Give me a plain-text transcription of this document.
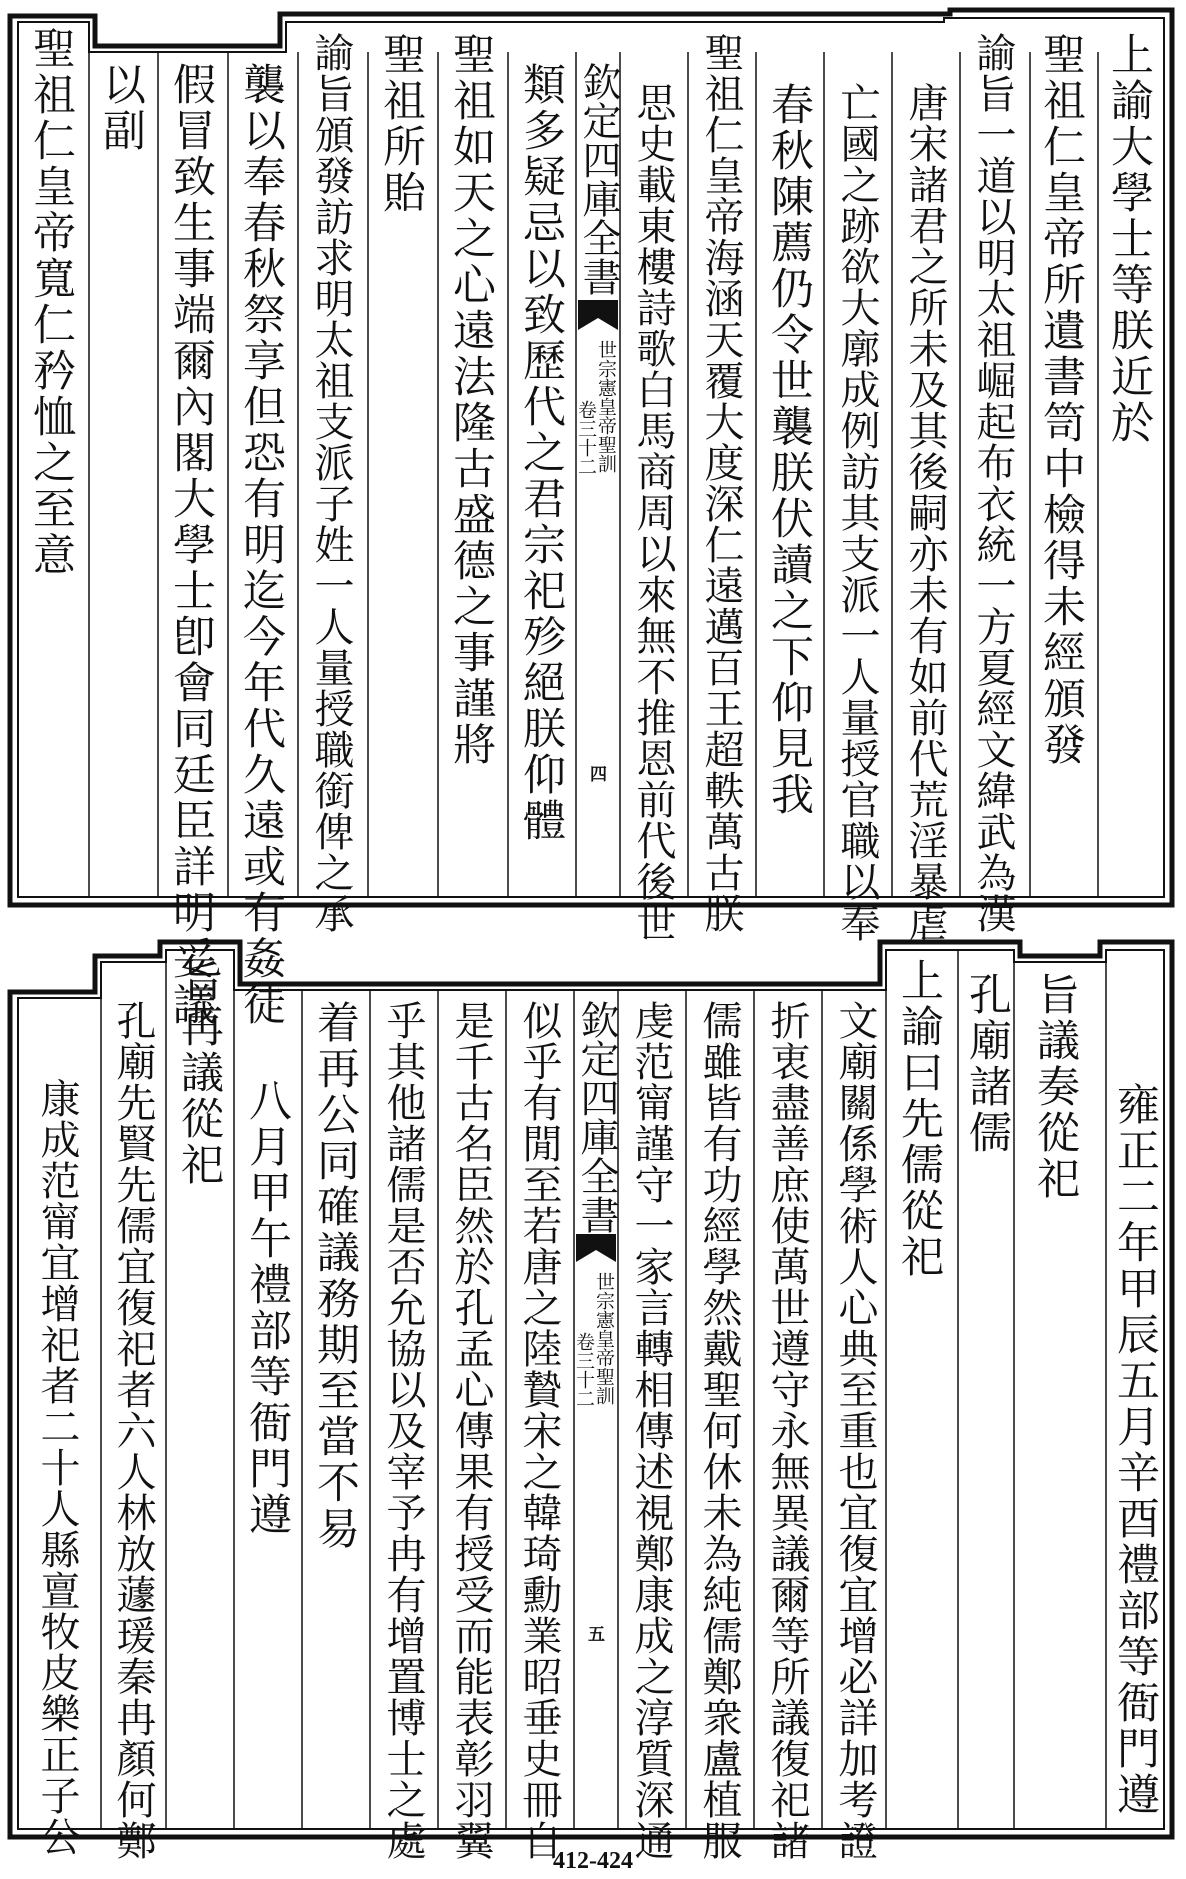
上諭大學士等朕近於
聖祖仁皇帝所遺書笥中檢得未經頒發
諭旨一道以明太祖崛起布衣統一方夏經文緯武為漢
唐宋諸君之所未及其後嗣亦未有如前代荒淫暴虐
亡國之跡欲大廓成例訪其支派一人量授官職以奉
春秋陳薦仍令世襲朕伏讀之下仰見我
聖祖仁皇帝海涵天覆大度深仁遠邁百王超軼萬古朕
思史載東樓詩歌白馬商周以來無不推恩前代後世
欽定四庫全書
世宗憲皇帝聖訓
卷三十二
四
類多疑忌以致歷代之君宗祀殄絕朕仰體
聖祖如天之心遠法隆古盛德之事謹將
聖祖所貽
諭旨頒發訪求明太祖支派子姓一人量授職銜俾之承
襲以奉春秋祭享但恐有明迄今年代久遠或有姦徒
假冒致生事端爾內閣大學士卽會同廷臣詳明妥議
以副
聖祖仁皇帝寬仁矜恤之至意
雍正二年甲辰五月辛酉禮部等衙門遵
旨議奏從祀
孔廟諸儒
上諭曰先儒從祀
文廟關係學術人心典至重也宜復宜增必詳加考證
折衷盡善庶使萬世遵守永無異議爾等所議復祀諸
儒雖皆有功經學然戴聖何休未為純儒鄭衆盧植服
虔范甯謹守一家言轉相傳述視鄭康成之淳質深通
欽定四庫全書
世宗憲皇帝聖訓
卷三十二
五
似乎有閒至若唐之陸贄宋之韓琦勳業昭垂史冊自
是千古名臣然於孔孟心傳果有授受而能表彰羽翼
乎其他諸儒是否允協以及宰予冉有增置博士之處
着再公同確議務期至當不易
八月甲午禮部等衙門遵
旨再議從祀
孔廟先賢先儒宜復祀者六人林放蘧瑗秦冉顏何鄭
康成范甯宜增祀者二十人縣亶牧皮樂正子公
412-424
